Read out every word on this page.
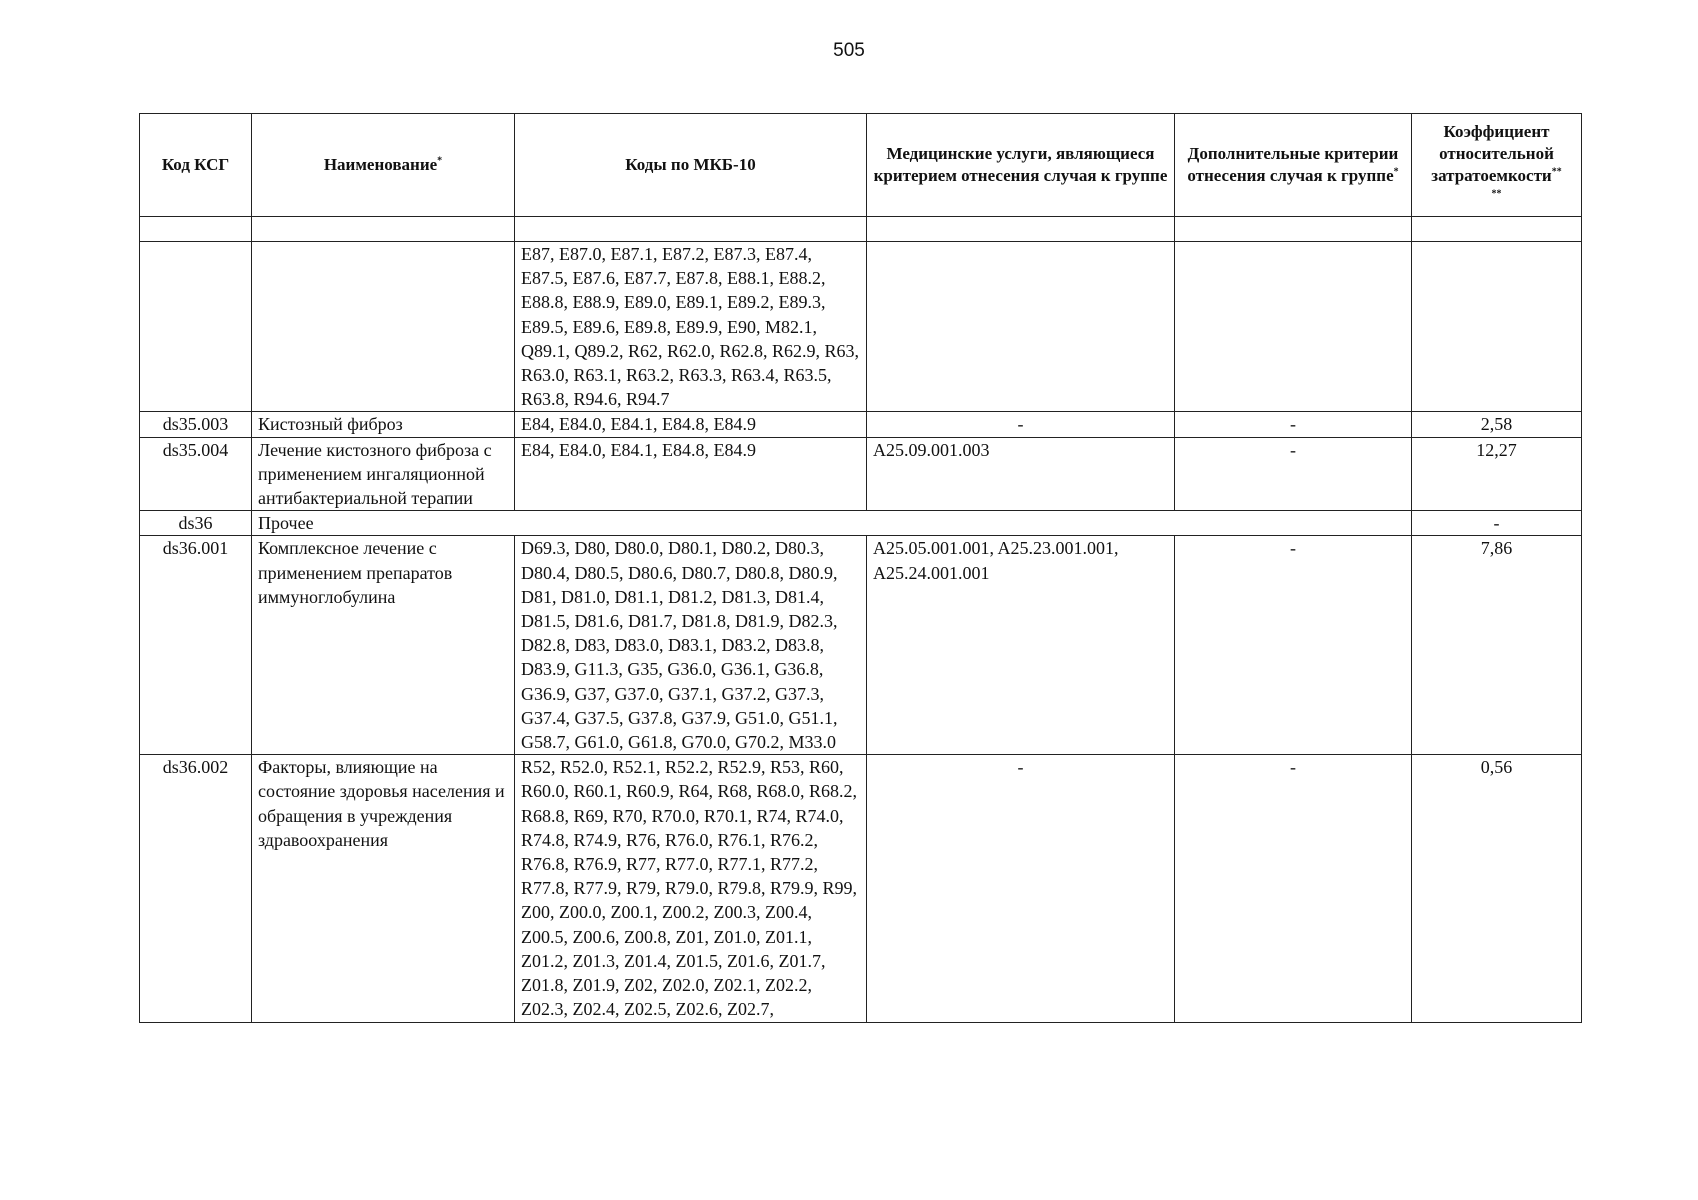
505
Код КСГ	Наименование*	Коды по МКБ-10	Медицинские услуги, являющиеся критерием отнесения случая к группе	Дополнительные критерии отнесения случая к группе*	Коэффициент относительной затратоемкости**
**

		E87, E87.0, E87.1, E87.2, E87.3, E87.4, E87.5, E87.6, E87.7, E87.8, E88.1, E88.2, E88.8, E88.9, E89.0, E89.1, E89.2, E89.3, E89.5, E89.6, E89.8, E89.9, E90, M82.1, Q89.1, Q89.2, R62, R62.0, R62.8, R62.9, R63, R63.0, R63.1, R63.2, R63.3, R63.4, R63.5, R63.8, R94.6, R94.7			
ds35.003	Кистозный фиброз	E84, E84.0, E84.1, E84.8, E84.9	-	-	2,58
ds35.004	Лечение кистозного фиброза с применением ингаляционной антибактериальной терапии	E84, E84.0, E84.1, E84.8, E84.9	A25.09.001.003	-	12,27
ds36	Прочее				-
ds36.001	Комплексное лечение с применением препаратов иммуноглобулина	D69.3, D80, D80.0, D80.1, D80.2, D80.3, D80.4, D80.5, D80.6, D80.7, D80.8, D80.9, D81, D81.0, D81.1, D81.2, D81.3, D81.4, D81.5, D81.6, D81.7, D81.8, D81.9, D82.3, D82.8, D83, D83.0, D83.1, D83.2, D83.8, D83.9, G11.3, G35, G36.0, G36.1, G36.8, G36.9, G37, G37.0, G37.1, G37.2, G37.3, G37.4, G37.5, G37.8, G37.9, G51.0, G51.1, G58.7, G61.0, G61.8, G70.0, G70.2, M33.0	A25.05.001.001, A25.23.001.001, A25.24.001.001	-	7,86
ds36.002	Факторы, влияющие на состояние здоровья населения и обращения в учреждения здравоохранения	R52, R52.0, R52.1, R52.2, R52.9, R53, R60, R60.0, R60.1, R60.9, R64, R68, R68.0, R68.2, R68.8, R69, R70, R70.0, R70.1, R74, R74.0, R74.8, R74.9, R76, R76.0, R76.1, R76.2, R76.8, R76.9, R77, R77.0, R77.1, R77.2, R77.8, R77.9, R79, R79.0, R79.8, R79.9, R99, Z00, Z00.0, Z00.1, Z00.2, Z00.3, Z00.4, Z00.5, Z00.6, Z00.8, Z01, Z01.0, Z01.1, Z01.2, Z01.3, Z01.4, Z01.5, Z01.6, Z01.7, Z01.8, Z01.9, Z02, Z02.0, Z02.1, Z02.2, Z02.3, Z02.4, Z02.5, Z02.6, Z02.7,	-	-	0,56
